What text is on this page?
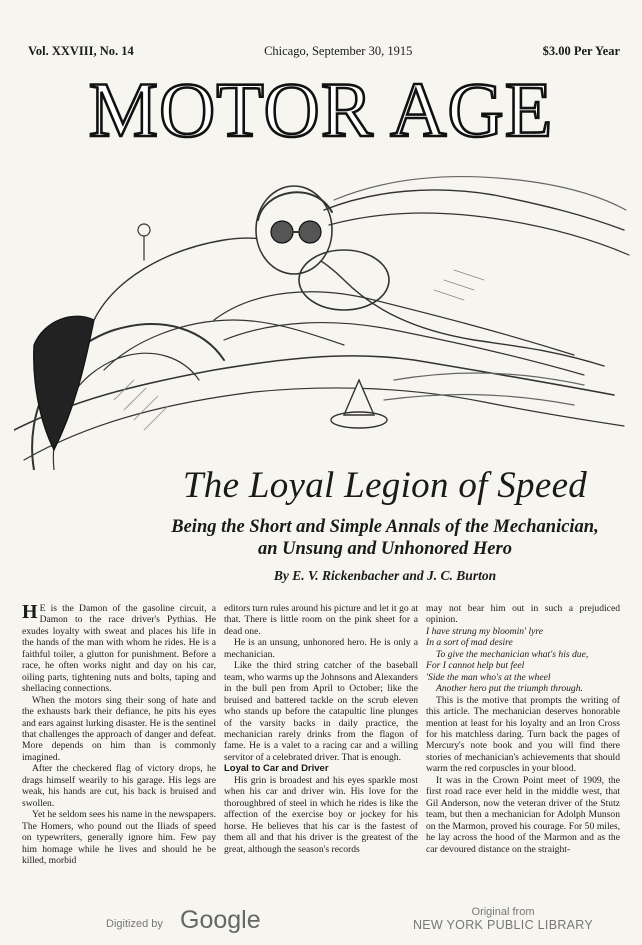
Vol. XXVIII, No. 14	Chicago, September 30, 1915	$3.00 Per Year
MOTOR AGE
The Loyal Legion of Speed
Being the Short and Simple Annals of the Mechanician,
an Unsung and Unhonored Hero
By E. V. Rickenbacher and J. C. Burton

H E is the Damon of the gasoline circuit, a Damon to the race driver's Pythias. He exudes loyalty with sweat and places his life in the hands of the man with whom he rides. He is a faithful toiler, a glutton for punishment. Before a race, he often works night and day on his car, oiling parts, tightening nuts and bolts, taping and shellacing connections.

When the motors sing their song of hate and the exhausts bark their defiance, he pits his eyes and ears against lurking disaster. He is the sentinel that challenges the approach of danger and defeat. More depends on him than is commonly imagined.

After the checkered flag of victory drops, he drags himself wearily to his garage. His legs are weak, his hands are cut, his back is bruised and swollen.

Yet he seldom sees his name in the newspapers. The Homers, who pound out the Iliads of speed on typewriters, generally ignore him. Few pay him homage while he lives and should he be killed, morbid

editors turn rules around his picture and let it go at that. There is little room on the pink sheet for a dead one.

He is an unsung, unhonored hero. He is only a mechanician.

Like the third string catcher of the baseball team, who warms up the Johnsons and Alexanders in the bull pen from April to October; like the bruised and battered tackle on the scrub eleven who stands up before the catapultic line plunges of the varsity backs in daily practice, the mechanician rarely drinks from the flagon of fame. He is a valet to a racing car and a willing servitor of a celebrated driver. That is enough.

Loyal to Car and Driver

His grin is broadest and his eyes sparkle most when his car and driver win. His love for the thoroughbred of steel in which he rides is like the affection of the exercise boy or jockey for his horse. He believes that his car is the fastest of them all and that his driver is the greatest of the great, although the season's records

may not bear him out in such a prejudiced opinion.

I have strung my bloomin' lyre

In a sort of mad desire

To give the mechanician what's his due,

For I cannot help but feel

'Side the man who's at the wheel

Another hero put the triumph through.

This is the motive that prompts the writing of this article. The mechanician deserves honorable mention at least for his loyalty and an Iron Cross for his matchless daring. Turn back the pages of Mercury's note book and you will find there stories of mechanician's achievements that should warm the red corpuscles in your blood.

It was in the Crown Point meet of 1909, the first road race ever held in the middle west, that Gil Anderson, now the veteran driver of the Stutz team, but then a mechanician for Adolph Munson on the Marmon, proved his courage. For 50 miles, he lay across the hood of the Marmon and as the car devoured distance on the straight-

Digitized by Google	Original from
NEW YORK PUBLIC LIBRARY
